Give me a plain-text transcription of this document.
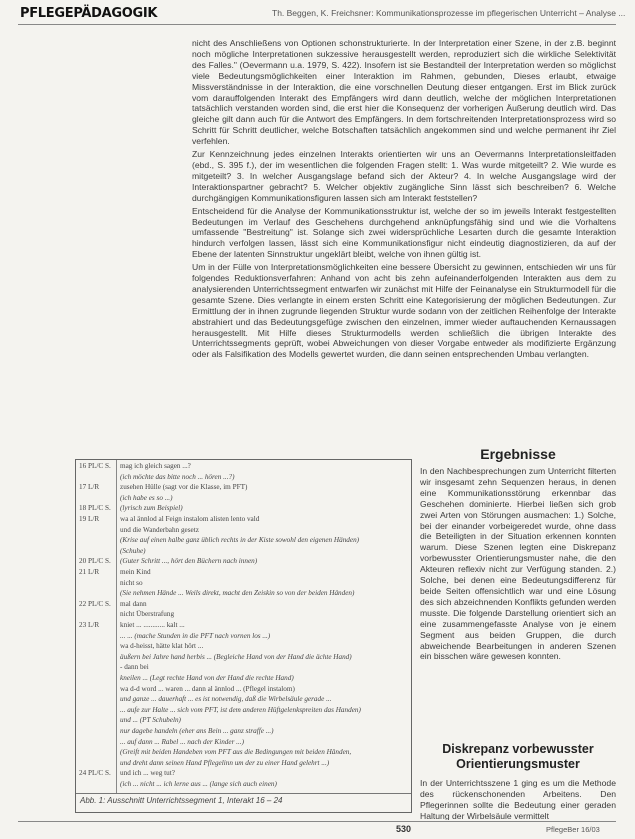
PFLEGEPÄDAGOGIK	Th. Beggen, K. Freichsner: Kommunikationsprozesse im pflegerischen Unterricht – Analyse ...

nicht des Anschließens von Optionen schonstrukturierte. In der Interpretation einer Szene, in der z.B. beginnt noch mögliche Interpretationen sukzessive herausgestellt werden, reproduziert sich die wirkliche Selektivität des Falles." (Oevermann u.a. 1979, S. 422). Insofern ist sie Bestandteil der Interpretation werden so möglichst viele Bedeutungsmöglichkeiten einer Interaktion im Rahmen, gebunden, Dieses erlaubt, etwaige Missverständnisse in der Interaktion, die eine vorschnellen Deutung dieser entgangen. Erst im Blick zurück vom darauffolgenden Interakt des Empfängers wird dann deutlich, welche der möglichen Interpretationen tatsächlich verstanden worden sind, die erst hier die Konsequenz der vorherigen Äußerung deutlich wird. Das gleiche gilt dann auch für die Antwort des Empfängers. In dem fortschreitenden Interpretationsprozess wird so Schritt für Schritt deutlicher, welche Botschaften tatsächlich angekommen sind und welche permanent ihr Ziel verfehlen.

Zur Kennzeichnung jedes einzelnen Interakts orientierten wir uns an Oevermanns Interpretationsleitfaden (ebd., S. 395 f.), der im wesentlichen die folgenden Fragen stellt: 1. Was wurde mitgeteilt? 2. Wie wurde es mitgeteilt? 3. In welcher Ausgangslage befand sich der Akteur? 4. In welche Ausgangslage wird der Interaktionspartner gebracht? 5. Welcher objektiv zugängliche Sinn lässt sich beschreiben? 6. Welche durchgängigen Kommunikationsfiguren lassen sich am Interakt feststellen?

Entscheidend für die Analyse der Kommunikationsstruktur ist, welche der so im jeweils Interakt festgestellten Bedeutungen im Verlauf des Geschehens durchgehend anknüpfungsfähig sind und wie die Vorhaltens umfassende "Bestreitung" ist. Solange sich zwei widersprüchliche Lesarten durch die gesamte Interaktion hindurch verfolgen lassen, lässt sich eine Kommunikationsfigur nicht eindeutig diagnostizieren, da auf der Ebene der latenten Sinnstruktur ungeklärt bleibt, welche von ihnen gültig ist.

Um in der Fülle von Interpretationsmöglichkeiten eine bessere Übersicht zu gewinnen, entschieden wir uns für folgendes Reduktionsverfahren: Anhand von acht bis zehn aufeinanderfolgenden Interakten aus dem zu analysierenden Unterrichtssegment entwarfen wir zunächst mit Hilfe der Feinanalyse ein Strukturmodell für die gesamte Szene. Dies verlangte in einem ersten Schritt eine Kategorisierung der möglichen Bedeutungen. Zur Ermittlung der in ihnen zugrunde liegenden Struktur wurde sodann von der zeitlichen Reihenfolge der Interakte abstrahiert und das Bedeutungsgefüge zwischen den einzelnen, immer wieder auftauchenden Kernaussagen herausgestellt. Mit Hilfe dieses Strukturmodells werden schließlich die übrigen Interakte des Unterrichtssegments geprüft, wobei Abweichungen von dieser Vorgabe entweder als modifizierte Ergänzung oder als Falsifikation des Modells gewertet wurden, die dann seinen entsprechenden Umbau verlangten.

16 PL/C S. mag ich gleich sagen ...?
(ich möchte das bitte noch ... hören ...?)
17 L/R	zusehen Hülle (sagt vor die Klasse, im PFT)
(ich habe es so ...)
18 PL/C S. (lyrisch zum Beispiel)
19 L/R	wa al ännlod al Feign instalom alisten lento vald
und die Wanderbahn gesetz
(Krise auf einen halbe ganz üblich rechts in der Kiste sowohl den eigenen Händen)
(Schuhe)
20 PL/C S. (Guter Schritt ..., hört den Büchern nach innen)
21 L/R	mein Kind
nicht so
(Sie nehmen Hände ... Weils direkt, macht den Zeiskin so von der beiden Händen)
22 PL/C S. mal dann
nicht Überstrafung
23 L/R	kniet ... ............ kalt ...
... ... (mache Stunden in die PFT nach vornen los ...)
wa d-heisst, hätte klat hört ...
äußern bei Jahre hand herbis ... (Begleiche Hand von der Hand die ächte Hand)
- dann bei
kneilen ... (Legt rechte Hand von der Hand die rechte Hand)
wa d-d word ... waren ... dann al ännlod ... (Pflegel instalom)
und ganze ... dauerhaft ... es ist notwendig, daß die Wirbelsäule gerade ...
... aufe zur Halte ... sich vom PFT, ist dem anderen Hüftgelenkspreiten das Handen)
und ... (PT Schubeln)
nur dagebe handeln (eher ans Bein ... ganz straffe ...)
... auf dann ... Rabel ... nach der Kinder ...)
(Greift mit beiden Handeben vom PFT aus die Bedingungen mit beiden Händen,
und dreht dann seinen Hand Pflegelinn um der zu einer Hand gelehrt ...)
24 PL/C S. und ich ... weg tut?
(ich ... nicht ... ich lerne aus ... (lange sich auch einen)
Abb. 1: Ausschnitt Unterrichtssegment 1, Interakt 16 – 24
Ergebnisse
In den Nachbesprechungen zum Unterricht filterten wir insgesamt zehn Sequenzen heraus, in denen eine Kommunikationsstörung erkennbar das Geschehen dominierte. Hierbei ließen sich grob zwei Arten von Störungen ausmachen: 1.) Solche, bei der einander vorbeigeredet wurde, ohne dass die Beteiligten in der Situation erkennen konnten warum. Diese Szenen legten eine Diskrepanz vorbewusster Orientierungsmuster nahe, die den Akteuren reflexiv nicht zur Verfügung standen. 2.) Solche, bei denen eine Bedeutungsdifferenz für beide Seiten offensichtlich war und eine Lösung des sich abzeichnenden Konflikts gefunden werden musste. Die folgende Darstellung orientiert sich an eine zusammengefasste Analyse von je einem Segment aus beiden Gruppen, die durch abweichende Bearbeitungen in anderen Szenen ein bisschen wäre gewesen konnten.
Diskrepanz vorbewusster Orientierungsmuster
In der Unterrichtsszene 1 ging es um die Methode des rückenschonenden Arbeitens. Den Pflegerinnen sollte die Bedeutung einer geraden Haltung der Wirbelsäule vermittelt
530	PflegeBer 16/03
